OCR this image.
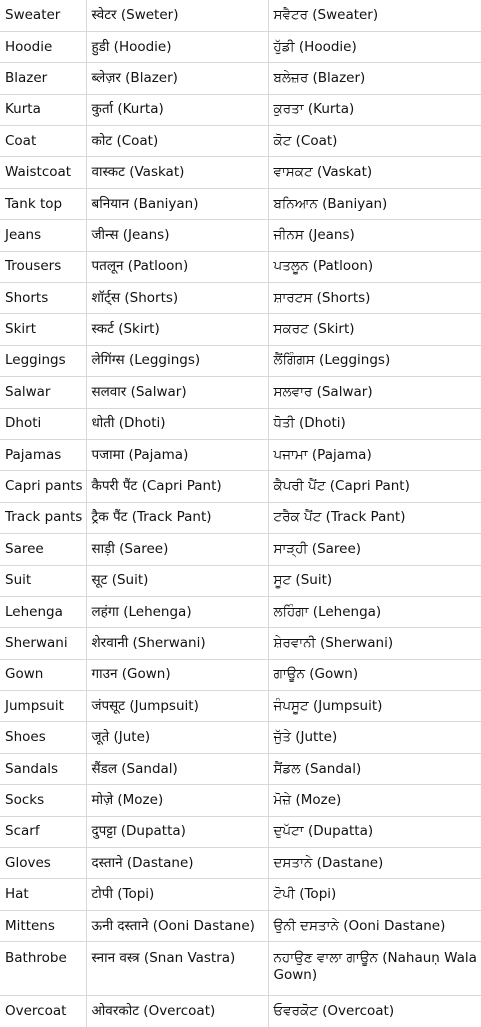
Sweater	स्वेटर (Sweter)	ਸਵੈਟਰ (Sweater)
Hoodie	हुडी (Hoodie)	ਹੁੱਡੀ (Hoodie)
Blazer	ब्लेज़र (Blazer)	ਬਲੇਜ਼ਰ (Blazer)
Kurta	कुर्ता (Kurta)	ਕੁਰਤਾ (Kurta)
Coat	कोट (Coat)	ਕੋਟ (Coat)
Waistcoat	वास्कट (Vaskat)	ਵਾਸਕਟ (Vaskat)
Tank top	बनियान (Baniyan)	ਬਨਿਆਨ (Baniyan)
Jeans	जीन्स (Jeans)	ਜੀਨਸ (Jeans)
Trousers	पतलून (Patloon)	ਪਤਲੂਨ (Patloon)
Shorts	शॉर्ट्स (Shorts)	ਸ਼ਾਰਟਸ (Shorts)
Skirt	स्कर्ट (Skirt)	ਸਕਰਟ (Skirt)
Leggings	लेगिंग्स (Leggings)	ਲੈਂਗਿੰਗਸ (Leggings)
Salwar	सलवार (Salwar)	ਸਲਵਾਰ (Salwar)
Dhoti	धोती (Dhoti)	ਧੋਤੀ (Dhoti)
Pajamas	पजामा (Pajama)	ਪਜਾਮਾ (Pajama)
Capri pants	कैपरी पैंट (Capri Pant)	ਕੈਪਰੀ ਪੈਂਟ (Capri Pant)
Track pants	ट्रैक पैंट (Track Pant)	ਟਰੈਕ ਪੈਂਟ (Track Pant)
Saree	साड़ी (Saree)	ਸਾੜ੍ਹੀ (Saree)
Suit	सूट (Suit)	ਸੂਟ (Suit)
Lehenga	लहंगा (Lehenga)	ਲਹਿੰਗਾ (Lehenga)
Sherwani	शेरवानी (Sherwani)	ਸ਼ੇਰਵਾਨੀ (Sherwani)
Gown	गाउन (Gown)	ਗਾਊਨ (Gown)
Jumpsuit	जंपसूट (Jumpsuit)	ਜੰਪਸੂਟ (Jumpsuit)
Shoes	जूते (Jute)	ਜੁੱਤੇ (Jutte)
Sandals	सैंडल (Sandal)	ਸੈਂਡਲ (Sandal)
Socks	मोज़े (Moze)	ਮੋਜ਼ੇ (Moze)
Scarf	दुपट्टा (Dupatta)	ਦੁਪੱਟਾ (Dupatta)
Gloves	दस्ताने (Dastane)	ਦਸਤਾਨੇ (Dastane)
Hat	टोपी (Topi)	ਟੋਪੀ (Topi)
Mittens	ऊनी दस्ताने (Ooni Dastane)	ਉਨੀ ਦਸਤਾਨੇ (Ooni Dastane)
Bathrobe	स्नान वस्त्र (Snan Vastra)	ਨਹਾਉਣ ਵਾਲਾ ਗਾਊਨ (Nahauṇ Wala Gown)
Overcoat	ओवरकोट (Overcoat)	ਓਵਰਕੋਟ (Overcoat)
